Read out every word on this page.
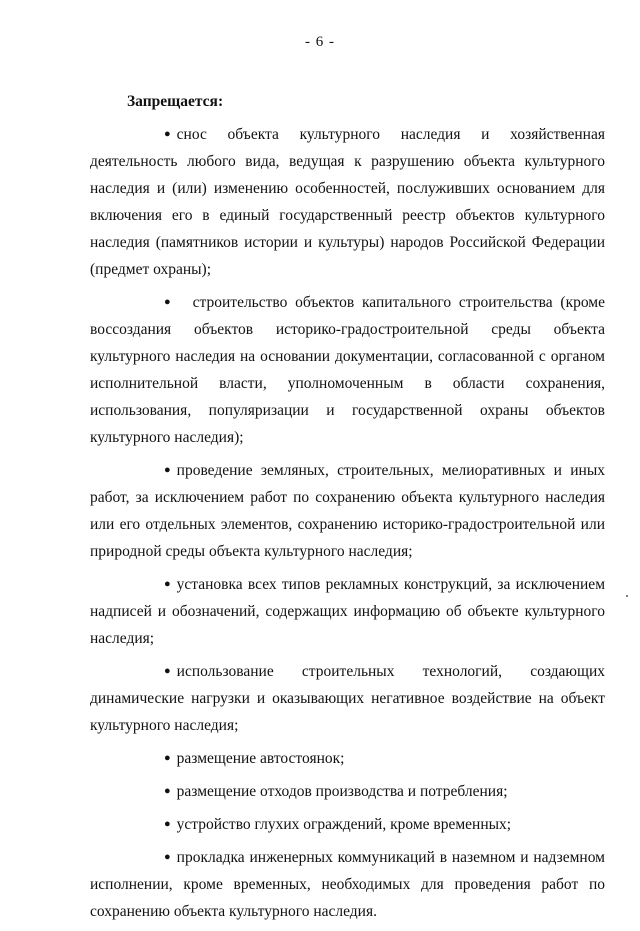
- 6 -

Запрещается:

● снос объекта культурного наследия и хозяйственная деятельность любого вида, ведущая к разрушению объекта культурного наследия и (или) изменению особенностей, послуживших основанием для включения его в единый государственный реестр объектов культурного наследия (памятников истории и культуры) народов Российской Федерации (предмет охраны);

● строительство объектов капитального строительства (кроме воссоздания объектов историко-градостроительной среды объекта культурного наследия на основании документации, согласованной с органом исполнительной власти, уполномоченным в области сохранения, использования, популяризации и государственной охраны объектов культурного наследия);

● проведение земляных, строительных, мелиоративных и иных работ, за исключением работ по сохранению объекта культурного наследия или его отдельных элементов, сохранению историко-градостроительной или природной среды объекта культурного наследия;

● установка всех типов рекламных конструкций, за исключением надписей и обозначений, содержащих информацию об объекте культурного наследия;

● использование строительных технологий, создающих динамические нагрузки и оказывающих негативное воздействие на объект культурного наследия;

● размещение автостоянок;

● размещение отходов производства и потребления;

● устройство глухих ограждений, кроме временных;

● прокладка инженерных коммуникаций в наземном и надземном исполнении, кроме временных, необходимых для проведения работ по сохранению объекта культурного наследия.
